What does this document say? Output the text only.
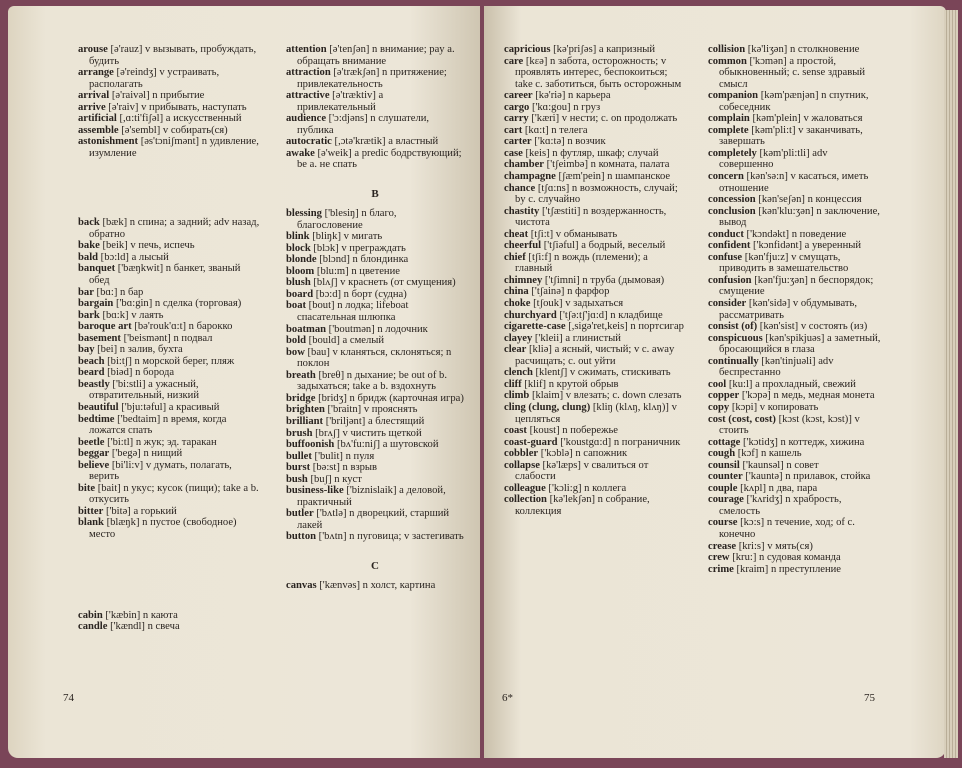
arouse [ə'rauz] v вызывать, пробуждать, будить

arrange [ə'reindʒ] v устраивать, располагать

arrival [ə'raivəl] n прибытие

arrive [ə'raiv] v прибывать, наступать

artificial [,ɑ:ti'fiʃəl] a искусственный

assemble [ə'sembl] v собирать(ся)

astonishment [əs'tɔniʃmənt] n удивление, изумление

back [bæk] n спина; a задний; adv назад, обратно

bake [beik] v печь, испечь

bald [bɔ:ld] a лысый

banquet ['bæŋkwit] n банкет, званый обед

bar [bɑ:] n бар

bargain ['bɑ:gin] n сделка (торговая)

bark [bɑ:k] v лаять

baroque art [bə'rouk'ɑ:t] n барокко

basement ['beismənt] n подвал

bay [bei] n залив, бухта

beach [bi:tʃ] n морской берег, пляж

beard [biəd] n борода

beastly ['bi:stli] a ужасный, отвратительный, низкий

beautiful ['bju:təful] a красивый

bedtime ['bedtaim] n время, когда ложатся спать

beetle ['bi:tl] n жук; эд. таракан

beggar ['begə] n нищий

believe [bi'li:v] v думать, полагать, верить

bite [bait] n укус; кусок (пищи); take a b. откусить

bitter ['bitə] a горький

blank [blæŋk] n пустое (свободное) место

cabin ['kæbin] n каюта

candle ['kændl] n свеча

attention [ə'tenʃən] n внимание; pay a. обращать внимание

attraction [ə'trækʃən] n притяжение; привлекательность

attractive [ə'træktiv] a привлекательный

audience ['ɔ:djəns] n слушатели, публика

autocratic [,ɔtə'krætik] a властный

awake [ə'weik] a predic бодрствующий; be a. не спать

B

blessing ['blesiŋ] n благо, благословение

blink [bliŋk] v мигать

block [blɔk] v преграждать

blonde [blɔnd] n блондинка

bloom [blu:m] n цветение

blush [blʌʃ] v краснеть (от смущения)

board [bɔ:d] n борт (судна)

boat [bout] n лодка; lifeboat спасательная шлюпка

boatman ['boutmən] n лодочник

bold [bould] a смелый

bow [bau] v кланяться, склоняться; n поклон

breath [breθ] n дыхание; be out of b. задыхаться; take a b. вздохнуть

bridge [bridʒ] n бридж (карточная игра)

brighten ['braitn] v прояснять

brilliant ['briljənt] a блестящий

brush [brʌʃ] v чистить щеткой

buffoonish [bʌ'fu:niʃ] a шутовской

bullet ['bulit] n пуля

burst [bə:st] n взрыв

bush [buʃ] n куст

business-like ['biznislaik] a деловой, практичный

butler ['bʌtlə] n дворецкий, старший лакей

button ['bʌtn] n пуговица; v застегивать

C

canvas ['kænvəs] n холст, картина

74

capricious [kə'priʃəs] a капризный

care [kɛə] n забота, осторожность; v проявлять интерес, беспокоиться; take c. заботиться, быть осторожным

career [kə'riə] n карьера

cargo ['kɑ:gou] n груз

carry ['kæri] v нести; c. on продолжать

cart [kɑ:t] n телега

carter ['kɑ:tə] n возчик

case [keis] n футляр, шкаф; случай

chamber ['tʃeimbə] n комната, палата

champagne [ʃæm'pein] n шампанское

chance [tʃɑ:ns] n возможность, случай; by c. случайно

chastity ['tʃæstiti] n воздержанность, чистота

cheat [tʃi:t] v обманывать

cheerful ['tʃiəful] a бодрый, веселый

chief [tʃi:f] n вождь (племени); a главный

chimney ['tʃimni] n труба (дымовая)

china ['tʃainə] n фарфор

choke [tʃouk] v задыхаться

churchyard ['tʃə:tʃ'jɑ:d] n кладбище

cigarette-case [,sigə'ret,keis] n портсигар

clayey ['kleii] a глинистый

clear [kliə] a ясный, чистый; v c. away расчищать; c. out уйти

clench [klentʃ] v сжимать, стискивать

cliff [klif] n крутой обрыв

climb [klaim] v влезать; c. down слезать

cling (clung, clung) [kliŋ (klʌŋ, klʌŋ)] v цепляться

coast [koust] n побережье

coast-guard ['koustgɑ:d] n пограничник

cobbler ['kɔblə] n сапожник

collapse [kə'læps] v свалиться от слабости

colleague ['kɔli:g] n коллега

collection [kə'lekʃən] n собрание, коллекция

collision [kə'liʒən] n столкновение

common ['kɔmən] a простой, обыкновенный; c. sense здравый смысл

companion [kəm'pænjən] n спутник, собеседник

complain [kəm'plein] v жаловаться

complete [kəm'pli:t] v заканчивать, завершать

completely [kəm'pli:tli] adv совершенно

concern [kən'sə:n] v касаться, иметь отношение

concession [kən'seʃən] n концессия

conclusion [kən'klu:ʒən] n заключение, вывод

conduct ['kɔndəkt] n поведение

confident ['kɔnfidənt] a уверенный

confuse [kən'fju:z] v смущать, приводить в замешательство

confusion [kən'fju:ʒən] n беспорядок; смущение

consider [kən'sidə] v обдумывать, рассматривать

consist (of) [kən'sist] v состоять (из)

conspicuous [kən'spikjuəs] a заметный, бросающийся в глаза

continually [kən'tinjuəli] adv беспрестанно

cool [ku:l] a прохладный, свежий

copper ['kɔpə] n медь, медная монета

copy [kɔpi] v копировать

cost (cost, cost) [kɔst (kɔst, kɔst)] v стоить

cottage ['kɔtidʒ] n коттедж, хижина

cough [kɔf] n кашель

counsil ['kaunsəl] n совет

counter ['kauntə] n прилавок, стойка

couple [kʌpl] n два, пара

courage ['kʌridʒ] n храбрость, смелость

course [kɔ:s] n течение, ход; of c. конечно

crease [kri:s] v мять(ся)

crew [kru:] n судовая команда

crime [kraim] n преступление

6*	75
